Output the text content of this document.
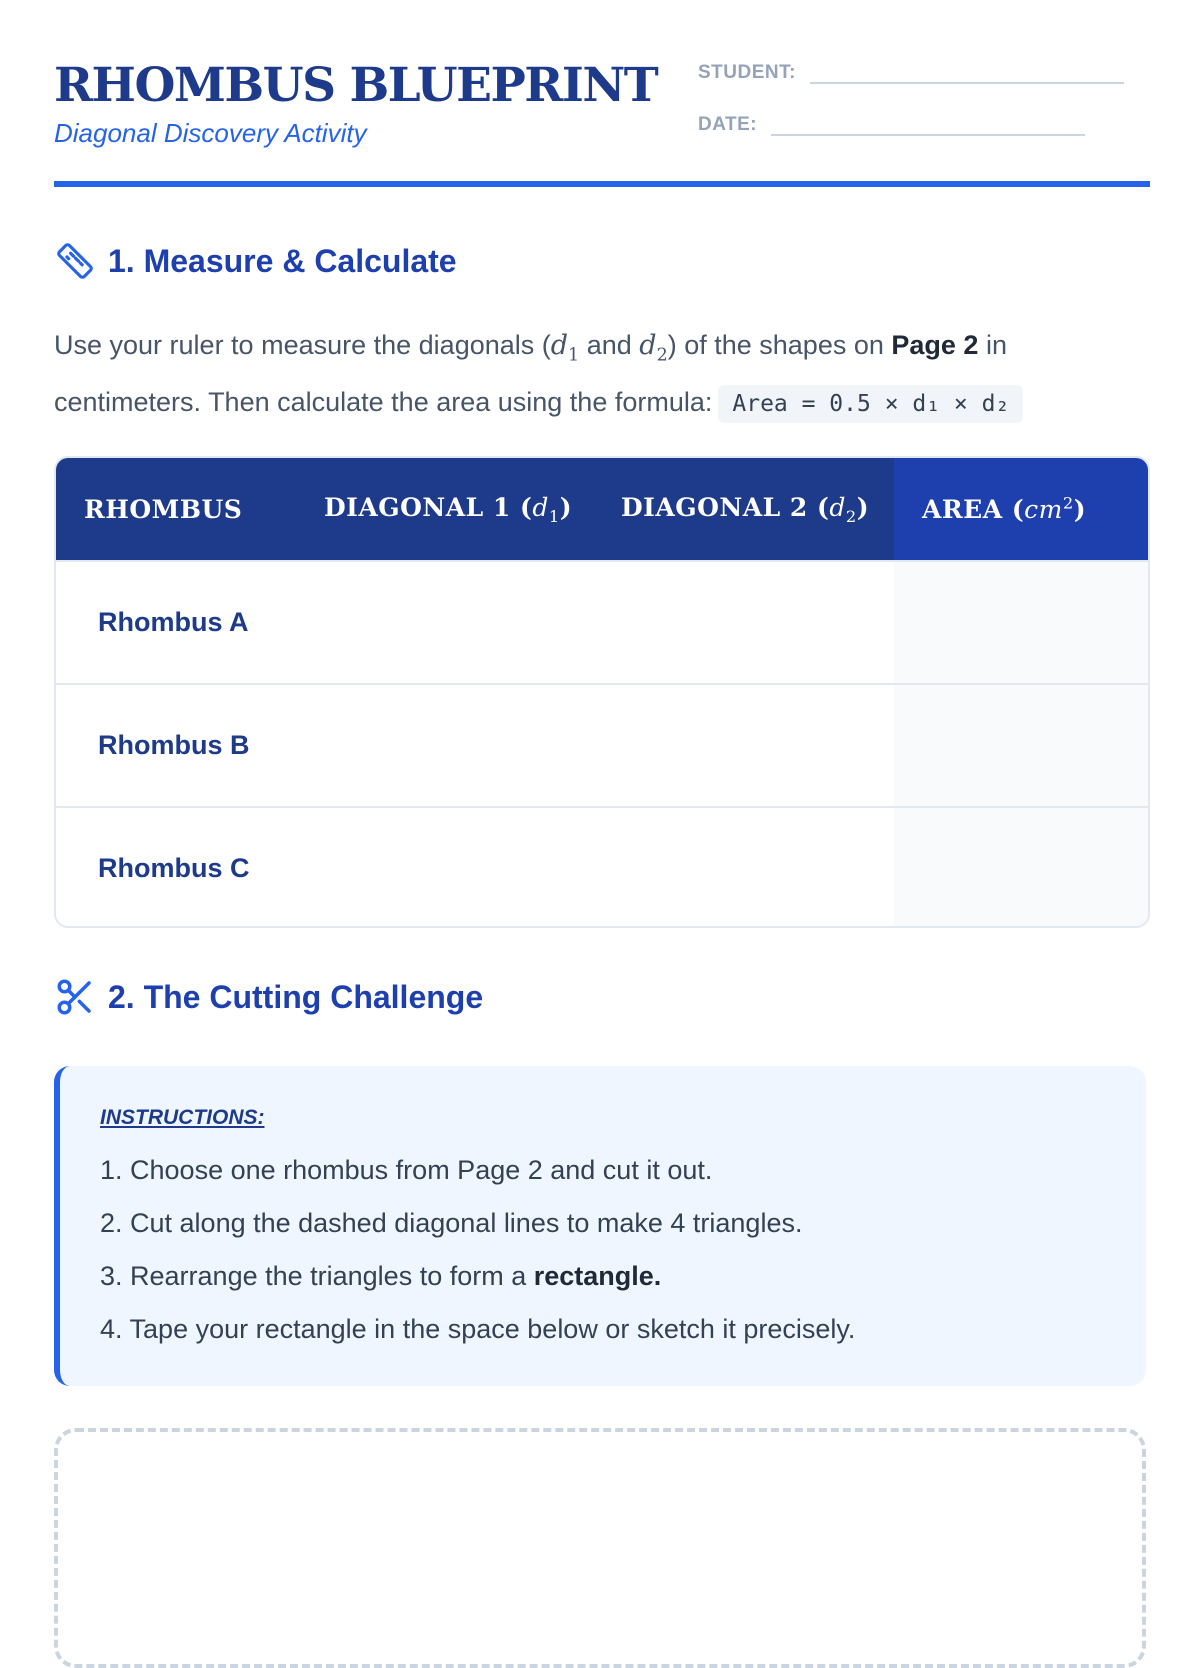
RHOMBUS BLUEPRINT
Diagonal Discovery Activity
STUDENT:
DATE:
1. Measure & Calculate
Use your ruler to measure the diagonals ($d_1$ and $d_2$) of the shapes on Page 2 in centimeters. Then calculate the area using the formula: Area = 0.5 × d₁ × d₂
RHOMBUS	DIAGONAL 1 $(d_1)$	DIAGONAL 2 $(d_2)$	AREA $(cm^2)$
Rhombus A			
Rhombus B			
Rhombus C			
2. The Cutting Challenge
INSTRUCTIONS:
1. Choose one rhombus from Page 2 and cut it out.
2. Cut along the dashed diagonal lines to make 4 triangles.
3. Rearrange the triangles to form a rectangle.
4. Tape your rectangle in the space below or sketch it precisely.
